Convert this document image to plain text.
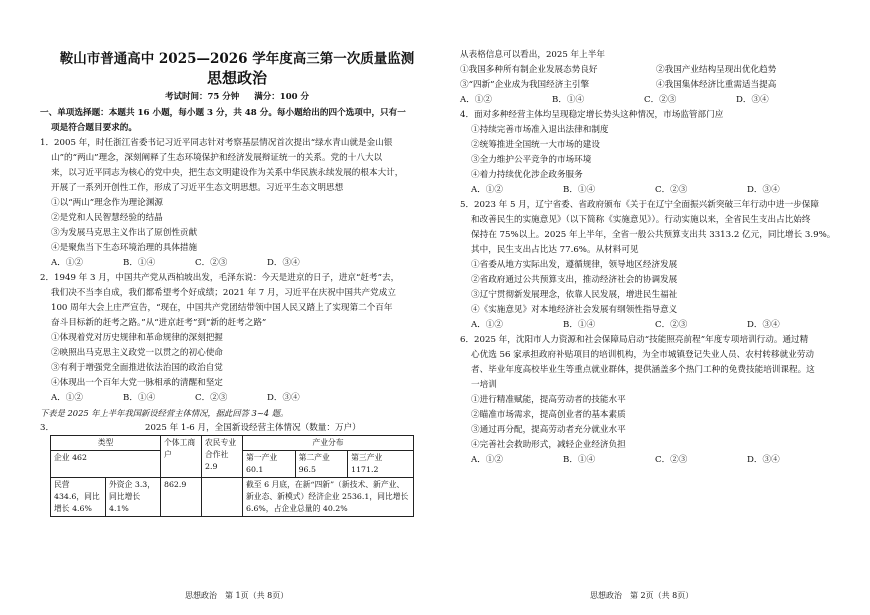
鞍山市普通高中 2025—2026 学年度高三第一次质量监测

思想政治

考试时间：75 分钟 满分：100 分
一、单项选择题：本题共 16 小题，每小题 3 分，共 48 分。每小题给出的四个选项中，只有一
项是符合题目要求的。
1．2005 年，时任浙江省委书记习近平同志针对考察基层情况首次提出“绿水青山就是金山银
山”的“两山”理念，深刻阐释了生态环境保护和经济发展辩证统一的关系。党的十八大以
来，以习近平同志为核心的党中央，把生态文明建设作为关系中华民族永续发展的根本大计，
开展了一系列开创性工作，形成了习近平生态文明思想。习近平生态文明思想
①以“两山”理念作为理论渊源
②是党和人民智慧经验的结晶
③为发展马克思主义作出了原创性贡献
④是聚焦当下生态环境治理的具体措施
A．①②	B．①④	C．②③	D．③④
2．1949 年 3 月，中国共产党从西柏坡出发，毛泽东说：今天是进京的日子，进京“赶考”去，
我们决不当李自成，我们都希望考个好成绩；2021 年 7 月，习近平在庆祝中国共产党成立
100 周年大会上庄严宣告，“现在，中国共产党团结带领中国人民又踏上了实现第二个百年
奋斗目标新的赶考之路。”从“进京赶考”到“新的赶考之路”
①体现着党对历史规律和革命规律的深刻把握
②映照出马克思主义政党一以贯之的初心使命
③有利于增强党全面推进依法治国的政治自觉
④体现出一个百年大党一脉相承的清醒和坚定
A．①②	B．①④	C．②③	D．③④
下表是 2025 年上半年我国新设经营主体情况，据此回答 3~4 题。
3．	2025 年 1-6 月，全国新设经营主体情况（数量：万户）
类型		个体工商户	农民专业合作社 2.9	产业分布		
企业 462				第一产业 60.1	第二产业 96.5	第三产业 1171.2
民营 434.6，同比增长 4.6%	外资企 3.3，同比增长 4.1%	862.9		截至 6 月底，在新“四新”（新技术、新产业、新业态、新模式）经济企业 2536.1，同比增长 6.6%，占企业总量的 40.2%		
思想政治　第 1页（共 8页）
从表格信息可以看出，2025 年上半年
①我国多种所有制企业发展态势良好	②我国产业结构呈现出优化趋势
③“四新”企业成为我国经济主引擎	④我国集体经济比重需适当提高
A．①②	B．①④	C．②③	D．③④
4．面对多种经营主体均呈现稳定增长势头这种情况，市场监管部门应
①持续完善市场准入退出法律和制度
②统筹推进全国统一大市场的建设
③全力维护公平竞争的市场环境
④着力持续优化涉企政务服务
A．①②	B．①④	C．②③	D．③④
5．2023 年 5 月，辽宁省委、省政府颁布《关于在辽宁全面振兴新突破三年行动中进一步保障
和改善民生的实施意见》（以下简称《实施意见》）。行动实施以来，全省民生支出占比始终
保持在 75%以上。2025 年上半年，全省一般公共预算支出共 3313.2 亿元，同比增长 3.9%。
其中，民生支出占比达 77.6%。从材料可见
①省委从地方实际出发，遵循规律，领导地区经济发展
②省政府通过公共预算支出，推动经济社会的协调发展
③辽宁贯彻新发展理念，依靠人民发展，增进民生福祉
④《实施意见》对本地经济社会发展有纲领性指导意义
A．①②	B．①④	C．②③	D．③④
6．2025 年，沈阳市人力资源和社会保障局启动“技能照亮前程”年度专项培训行动。通过精
心优选 56 家承担政府补贴项目的培训机构，为全市城镇登记失业人员、农村转移就业劳动
者、毕业年度高校毕业生等重点就业群体，提供涵盖多个热门工种的免费技能培训课程。这
一培训
①进行精准赋能，提高劳动者的技能水平
②瞄准市场需求，提高创业者的基本素质
③通过再分配，提高劳动者充分就业水平
④完善社会救助形式，减轻企业经济负担
A．①②	B．①④	C．②③	D．③④
思想政治　第 2页（共 8页）
